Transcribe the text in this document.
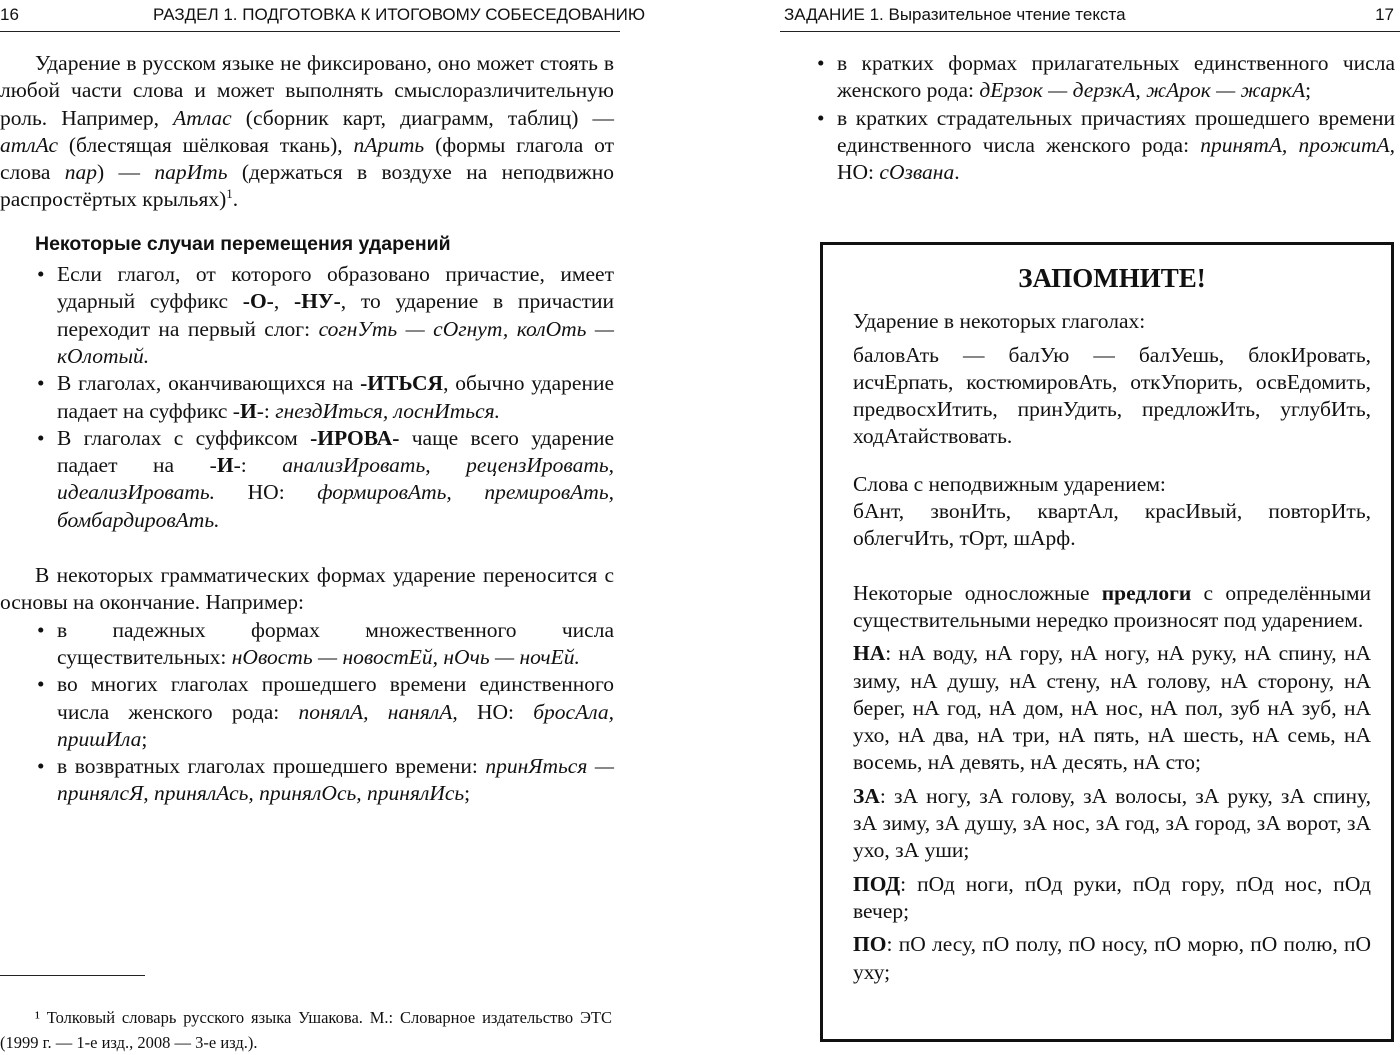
16	РАЗДЕЛ 1. ПОДГОТОВКА К ИТОГОВОМУ СОБЕСЕДОВАНИЮ

Ударение в русском языке не фиксировано, оно может стоять в любой части слова и может выполнять смыслоразличительную роль. Например, Атлас (сборник карт, диаграмм, таблиц) — атлАс (блестящая шёлковая ткань), пАрить (формы глагола от слова пар) — парИть (держаться в воздухе на неподвижно распростёртых крыльях)$^1$.

Некоторые случаи перемещения ударений

• Если глагол, от которого образовано причастие, имеет ударный суффикс -О-, -НУ-, то ударение в причастии переходит на первый слог: согнУть — сОгнут, колОть — кОлотый.
• В глаголах, оканчивающихся на -ИТЬСЯ, обычно ударение падает на суффикс -И-: гнездИться, лоснИться.
• В глаголах с суффиксом -ИРОВА- чаще всего ударение падает на -И-: анализИровать, рецензИровать, идеализИровать. НО: формировАть, премировАть, бомбардировАть.

В некоторых грамматических формах ударение переносится с основы на окончание. Например:

• в падежных формах множественного числа существительных: нОвость — новостЕй, нОчь — ночЕй.
• во многих глаголах прошедшего времени единственного числа женского рода: понялА, нанялА, НО: бросАла, пришИла;
• в возвратных глаголах прошедшего времени: принЯться — принялсЯ, принялАсь, принялОсь, принялИсь;

¹ Толковый словарь русского языка Ушакова. М.: Словарное издательство ЭТС (1999 г. — 1-е изд., 2008 — 3-е изд.).

ЗАДАНИЕ 1. Выразительное чтение текста	17
• в кратких формах прилагательных единственного числа женского рода: дЕрзок — дерзкА, жАрок — жаркА;
• в кратких страдательных причастиях прошедшего времени единственного числа женского рода: принятА, прожитА, НО: сОзвана.
ЗАПОМНИТЕ!

Ударение в некоторых глаголах:

баловАть — балУю — балУешь, блокИровать, исчЕрпать, костюмировАть, откУпорить, освЕдомить, предвосхИтить, принУдить, предложИть, углубИть, ходАтайствовать.

Слова с неподвижным ударением:

бАнт, звонИть, квартАл, красИвый, повторИть, облегчИть, тОрт, шАрф.

Некоторые односложные предлоги с определёнными существительными нередко произносят под ударением.

НА: нА воду, нА гору, нА ногу, нА руку, нА спину, нА зиму, нА душу, нА стену, нА голову, нА сторону, нА берег, нА год, нА дом, нА нос, нА пол, зуб нА зуб, нА ухо, нА два, нА три, нА пять, нА шесть, нА семь, нА восемь, нА девять, нА десять, нА сто;

ЗА: зА ногу, зА голову, зА волосы, зА руку, зА спину, зА зиму, зА душу, зА нос, зА год, зА город, зА ворот, зА ухо, зА уши;

ПОД: пОд ноги, пОд руки, пОд гору, пОд нос, пОд вечер;

ПО: пО лесу, пО полу, пО носу, пО морю, пО полю, пО уху;
